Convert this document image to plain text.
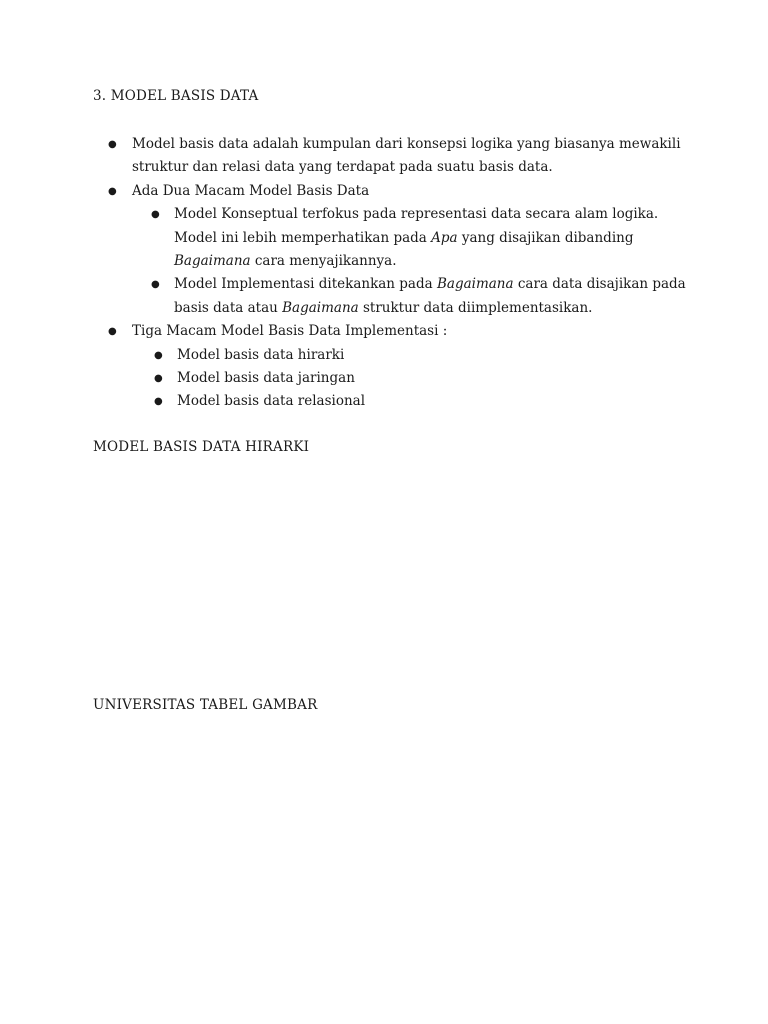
3. MODEL BASIS DATA
● Model basis data adalah kumpulan dari konsepsi logika yang biasanya mewakili struktur dan relasi data yang terdapat pada suatu basis data.
● Ada Dua Macam Model Basis Data
● Model Konseptual terfokus pada representasi data secara alam logika. Model ini lebih memperhatikan pada Apa yang disajikan dibanding Bagaimana cara menyajikannya.
● Model Implementasi ditekankan pada Bagaimana cara data disajikan pada basis data atau Bagaimana struktur data diimplementasikan.
● Tiga Macam Model Basis Data Implementasi :
● Model basis data hirarki
● Model basis data jaringan
● Model basis data relasional
MODEL BASIS DATA HIRARKI
UNIVERSITAS TABEL GAMBAR
